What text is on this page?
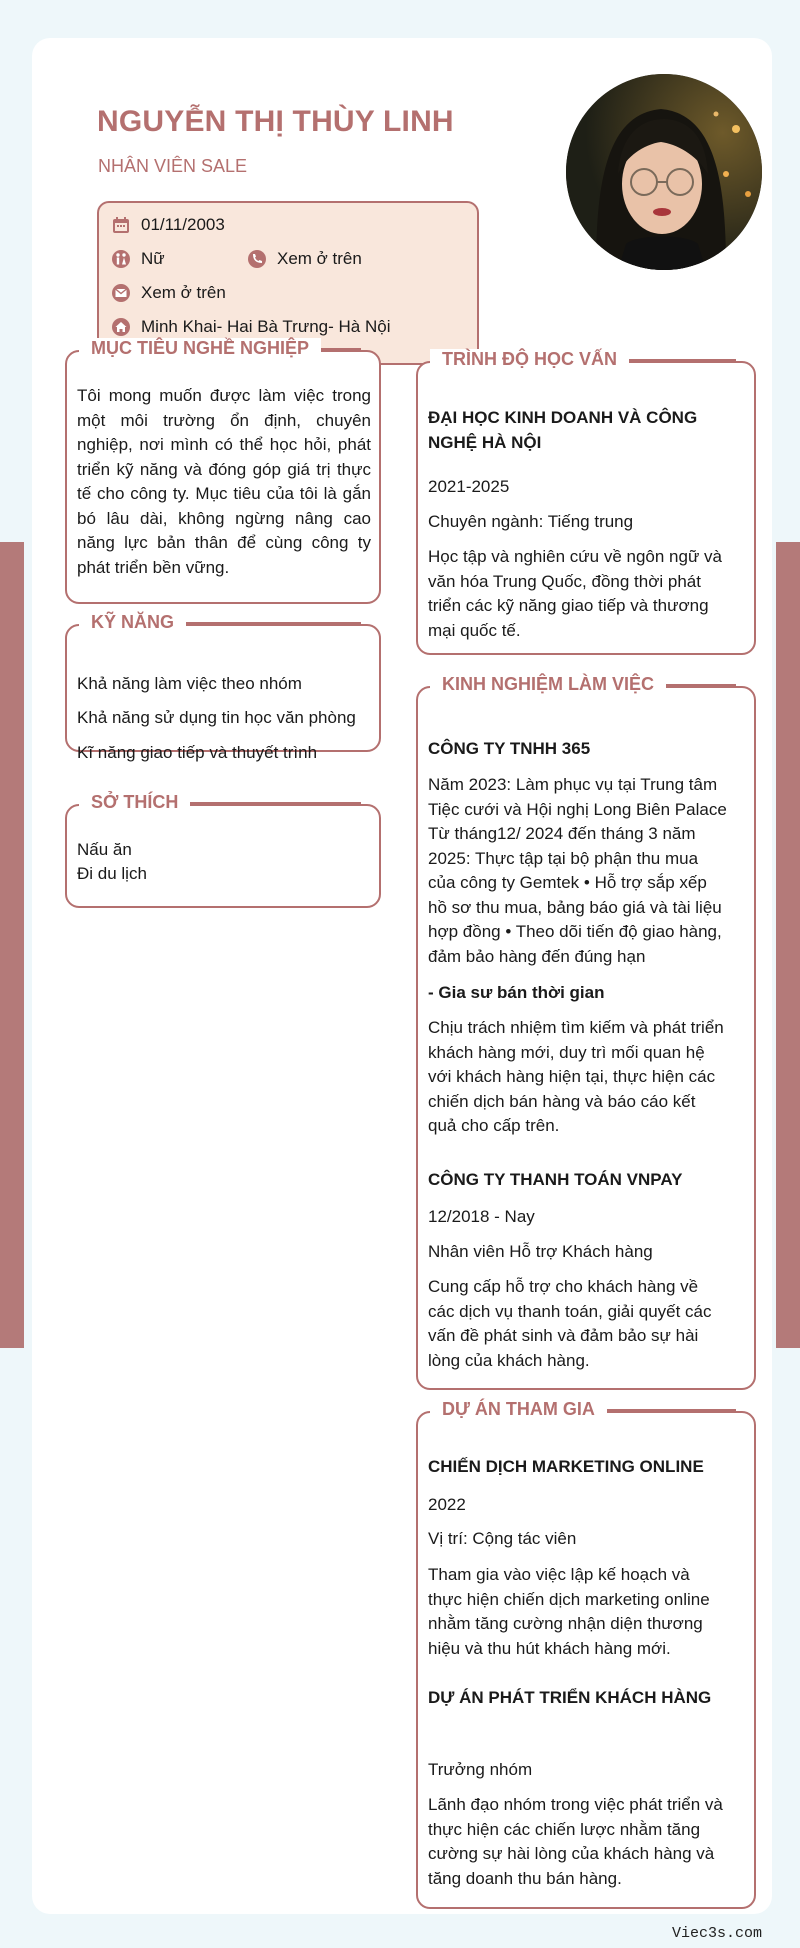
NGUYỄN THỊ THÙY LINH
NHÂN VIÊN SALE
01/11/2003
Nữ	Xem ở trên
Xem ở trên
Minh Khai- Hai Bà Trưng- Hà Nội
MỤC TIÊU NGHỀ NGHIỆP
Tôi mong muốn được làm việc trong một môi trường ổn định, chuyên nghiệp, nơi mình có thể học hỏi, phát triển kỹ năng và đóng góp giá trị thực tế cho công ty. Mục tiêu của tôi là gắn bó lâu dài, không ngừng nâng cao năng lực bản thân để cùng công ty phát triển bền vững.
KỸ NĂNG
Khả năng làm việc theo nhóm
Khả năng sử dụng tin học văn phòng
Kĩ năng giao tiếp và thuyết trình
SỞ THÍCH
Nấu ăn
Đi du lịch
TRÌNH ĐỘ HỌC VẤN
ĐẠI HỌC KINH DOANH VÀ CÔNG NGHỆ HÀ NỘI
2021-2025
Chuyên ngành: Tiếng trung
Học tập và nghiên cứu về ngôn ngữ và văn hóa Trung Quốc, đồng thời phát triển các kỹ năng giao tiếp và thương mại quốc tế.
KINH NGHIỆM LÀM VIỆC
CÔNG TY TNHH 365
Năm 2023: Làm phục vụ tại Trung tâm Tiệc cưới và Hội nghị Long Biên Palace Từ tháng12/ 2024 đến tháng 3 năm 2025: Thực tập tại bộ phận thu mua của công ty Gemtek • Hỗ trợ sắp xếp hồ sơ thu mua, bảng báo giá và tài liệu hợp đồng • Theo dõi tiến độ giao hàng, đảm bảo hàng đến đúng hạn
- Gia sư bán thời gian
Chịu trách nhiệm tìm kiếm và phát triển khách hàng mới, duy trì mối quan hệ với khách hàng hiện tại, thực hiện các chiến dịch bán hàng và báo cáo kết quả cho cấp trên.
CÔNG TY THANH TOÁN VNPAY
12/2018 - Nay
Nhân viên Hỗ trợ Khách hàng
Cung cấp hỗ trợ cho khách hàng về các dịch vụ thanh toán, giải quyết các vấn đề phát sinh và đảm bảo sự hài lòng của khách hàng.
DỰ ÁN THAM GIA
CHIẾN DỊCH MARKETING ONLINE
2022
Vị trí: Cộng tác viên
Tham gia vào việc lập kế hoạch và thực hiện chiến dịch marketing online nhằm tăng cường nhận diện thương hiệu và thu hút khách hàng mới.
DỰ ÁN PHÁT TRIỂN KHÁCH HÀNG
Trưởng nhóm
Lãnh đạo nhóm trong việc phát triển và thực hiện các chiến lược nhằm tăng cường sự hài lòng của khách hàng và tăng doanh thu bán hàng.
Viec3s.com
